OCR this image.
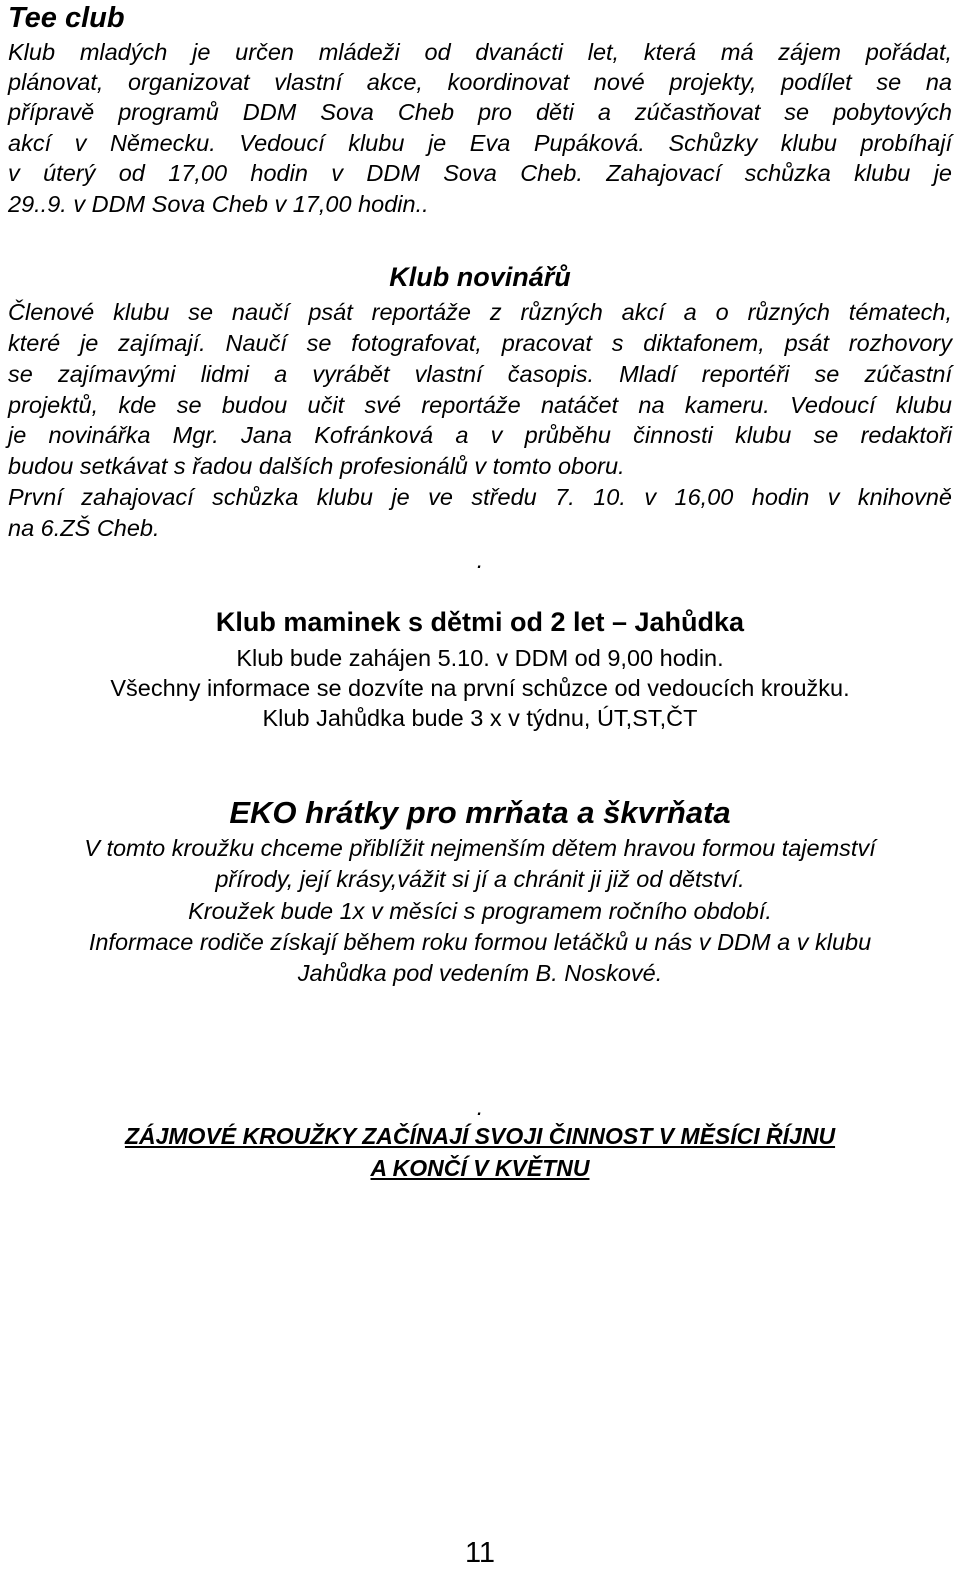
Tee club

Klub mladých je určen mládeži od dvanácti let, která má zájem pořádat,

plánovat, organizovat vlastní akce, koordinovat nové projekty, podílet se na

přípravě programů DDM Sova Cheb pro děti a zúčastňovat se pobytových

akcí v Německu. Vedoucí klubu je Eva Pupáková. Schůzky klubu probíhají

v úterý od 17,00 hodin v DDM Sova Cheb. Zahajovací schůzka klubu je

29..9. v DDM Sova Cheb v 17,00 hodin..

Klub novinářů

Členové klubu se naučí psát reportáže z různých akcí a o různých tématech,

které je zajímají. Naučí se fotografovat, pracovat s diktafonem, psát rozhovory

se zajímavými lidmi a vyrábět vlastní časopis. Mladí reportéři se zúčastní

projektů, kde se budou učit své reportáže natáčet na kameru. Vedoucí klubu

je novinářka Mgr. Jana Kofránková a v průběhu činnosti klubu se redaktoři

budou setkávat s řadou dalších profesionálů v tomto oboru.

První zahajovací schůzka klubu je ve středu 7. 10. v 16,00 hodin v knihovně

na 6.ZŠ Cheb.

.

Klub maminek s dětmi od 2 let – Jahůdka

Klub bude zahájen 5.10. v DDM od 9,00 hodin.

Všechny informace se dozvíte na první schůzce od vedoucích kroužku.

Klub Jahůdka bude 3 x v týdnu, ÚT,ST,ČT

EKO hrátky pro mrňata a škvrňata

V tomto kroužku chceme přiblížit nejmenším dětem hravou formou tajemství

přírody, její krásy,vážit si jí a chránit ji již od dětství.

Kroužek bude 1x v měsíci s programem ročního období.

Informace rodiče získají během roku formou letáčků u nás v DDM a v klubu

Jahůdka pod vedením B. Noskové.

.

ZÁJMOVÉ KROUŽKY ZAČÍNAJÍ SVOJI ČINNOST V MĚSÍCI ŘÍJNU

A KONČÍ V KVĚTNU

11
